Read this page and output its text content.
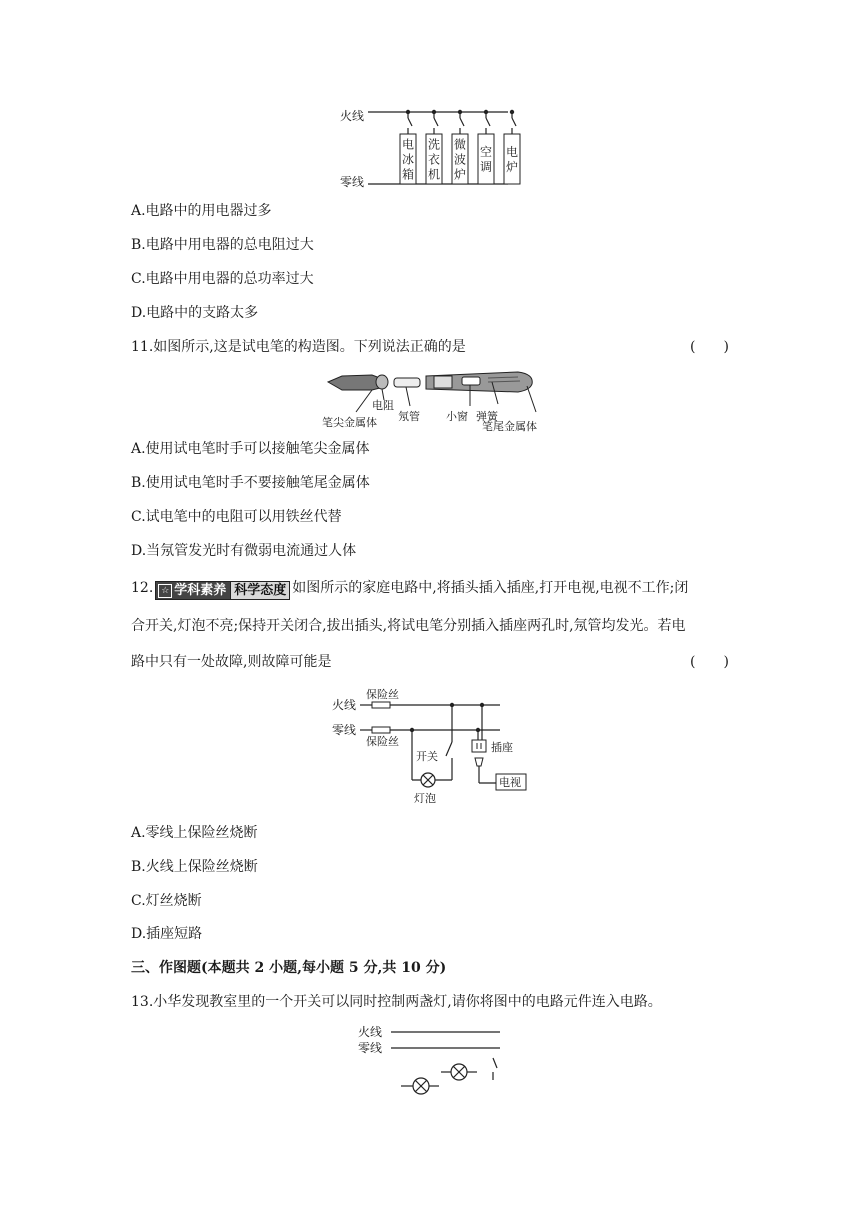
火线
零线
电
冰
箱
洗
衣
机
微
波
炉
空
调
电
炉
A.电路中的用电器过多
B.电路中用电器的总电阻过大
C.电路中用电器的总功率过大
D.电路中的支路太多
11.如图所示,这是试电笔的构造图。下列说法正确的是	(　　)
电阻
笔尖金属体 氖管 小窗 弹簧
笔尾金属体
A.使用试电笔时手可以接触笔尖金属体
B.使用试电笔时手不要接触笔尾金属体
C.试电笔中的电阻可以用铁丝代替
D.当氖管发光时有微弱电流通过人体
12. ☆ 学科素养 科学态度 如图所示的家庭电路中,将插头插入插座,打开电视,电视不工作;闭
合开关,灯泡不亮;保持开关闭合,拔出插头,将试电笔分别插入插座两孔时,氖管均发光。若电
路中只有一处故障,则故障可能是	(　　)
火线
零线
保险丝
保险丝
开关
灯泡
插座
电视
A.零线上保险丝烧断
B.火线上保险丝烧断
C.灯丝烧断
D.插座短路
三、作图题(本题共 2 小题,每小题 5 分,共 10 分)
13.小华发现教室里的一个开关可以同时控制两盏灯,请你将图中的电路元件连入电路。
火线
零线
